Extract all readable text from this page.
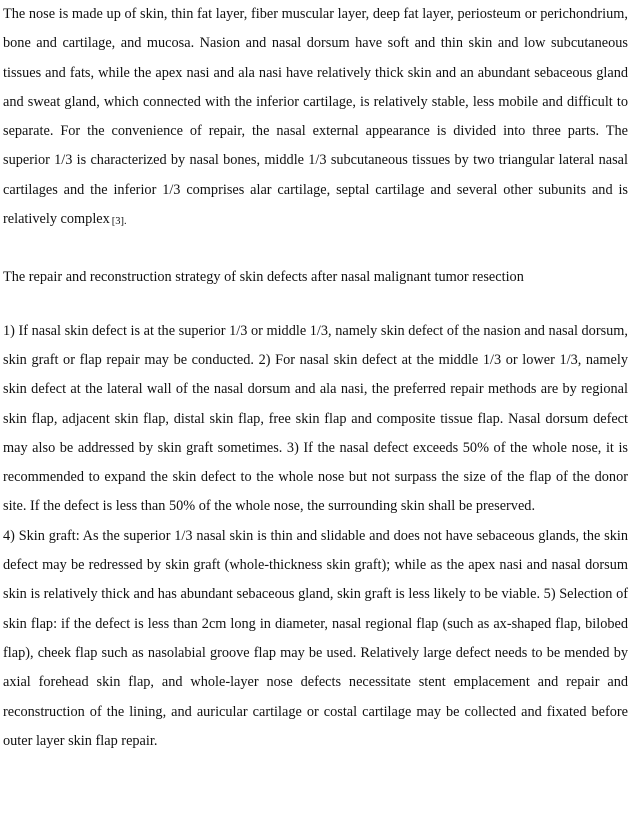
The nose is made up of skin, thin fat layer, fiber muscular layer, deep fat layer, periosteum or perichondrium, bone and cartilage, and mucosa. Nasion and nasal dorsum have soft and thin skin and low subcutaneous tissues and fats, while the apex nasi and ala nasi have relatively thick skin and an abundant sebaceous gland and sweat gland, which connected with the inferior cartilage, is relatively stable, less mobile and difficult to separate. For the convenience of repair, the nasal external appearance is divided into three parts. The superior 1/3 is characterized by nasal bones, middle 1/3 subcutaneous tissues by two triangular lateral nasal cartilages and the inferior 1/3 comprises alar cartilage, septal cartilage and several other subunits and is relatively complex [3].

The repair and reconstruction strategy of skin defects after nasal malignant tumor resection

1) If nasal skin defect is at the superior 1/3 or middle 1/3, namely skin defect of the nasion and nasal dorsum, skin graft or flap repair may be conducted. 2) For nasal skin defect at the middle 1/3 or lower 1/3, namely skin defect at the lateral wall of the nasal dorsum and ala nasi, the preferred repair methods are by regional skin flap, adjacent skin flap, distal skin flap, free skin flap and composite tissue flap. Nasal dorsum defect may also be addressed by skin graft sometimes. 3) If the nasal defect exceeds 50% of the whole nose, it is recommended to expand the skin defect to the whole nose but not surpass the size of the flap of the donor site. If the defect is less than 50% of the whole nose, the surrounding skin shall be preserved.

4) Skin graft: As the superior 1/3 nasal skin is thin and slidable and does not have sebaceous glands, the skin defect may be redressed by skin graft (whole-thickness skin graft); while as the apex nasi and nasal dorsum skin is relatively thick and has abundant sebaceous gland, skin graft is less likely to be viable. 5) Selection of skin flap: if the defect is less than 2cm long in diameter, nasal regional flap (such as ax-shaped flap, bilobed flap), cheek flap such as nasolabial groove flap may be used. Relatively large defect needs to be mended by axial forehead skin flap, and whole-layer nose defects necessitate stent emplacement and repair and reconstruction of the lining, and auricular cartilage or costal cartilage may be collected and fixated before outer layer skin flap repair.
